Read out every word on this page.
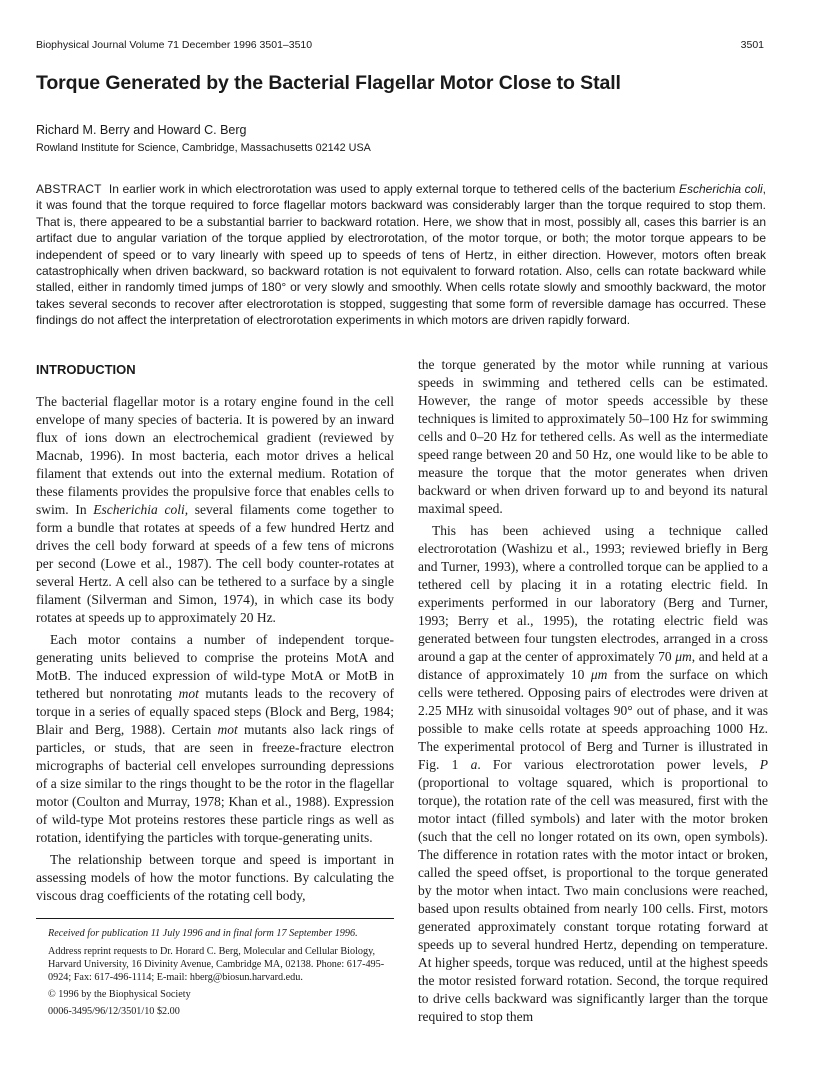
Biophysical Journal Volume 71 December 1996 3501–3510	3501
Torque Generated by the Bacterial Flagellar Motor Close to Stall
Richard M. Berry and Howard C. Berg
Rowland Institute for Science, Cambridge, Massachusetts 02142 USA

ABSTRACT In earlier work in which electrorotation was used to apply external torque to tethered cells of the bacterium Escherichia coli, it was found that the torque required to force flagellar motors backward was considerably larger than the torque required to stop them. That is, there appeared to be a substantial barrier to backward rotation. Here, we show that in most, possibly all, cases this barrier is an artifact due to angular variation of the torque applied by electrorotation, of the motor torque, or both; the motor torque appears to be independent of speed or to vary linearly with speed up to speeds of tens of Hertz, in either direction. However, motors often break catastrophically when driven backward, so backward rotation is not equivalent to forward rotation. Also, cells can rotate backward while stalled, either in randomly timed jumps of 180° or very slowly and smoothly. When cells rotate slowly and smoothly backward, the motor takes several seconds to recover after electrorotation is stopped, suggesting that some form of reversible damage has occurred. These findings do not affect the interpretation of electrorotation experiments in which motors are driven rapidly forward.

INTRODUCTION

The bacterial flagellar motor is a rotary engine found in the cell envelope of many species of bacteria. It is powered by an inward flux of ions down an electrochemical gradient (reviewed by Macnab, 1996). In most bacteria, each motor drives a helical filament that extends out into the external medium. Rotation of these filaments provides the propulsive force that enables cells to swim. In Escherichia coli, several filaments come together to form a bundle that rotates at speeds of a few hundred Hertz and drives the cell body forward at speeds of a few tens of microns per second (Lowe et al., 1987). The cell body counter-rotates at several Hertz. A cell also can be tethered to a surface by a single filament (Silverman and Simon, 1974), in which case its body rotates at speeds up to approximately 20 Hz.

Each motor contains a number of independent torque-generating units believed to comprise the proteins MotA and MotB. The induced expression of wild-type MotA or MotB in tethered but nonrotating mot mutants leads to the recovery of torque in a series of equally spaced steps (Block and Berg, 1984; Blair and Berg, 1988). Certain mot mutants also lack rings of particles, or studs, that are seen in freeze-fracture electron micrographs of bacterial cell envelopes surrounding depressions of a size similar to the rings thought to be the rotor in the flagellar motor (Coulton and Murray, 1978; Khan et al., 1988). Expression of wild-type Mot proteins restores these particle rings as well as rotation, identifying the particles with torque-generating units.

The relationship between torque and speed is important in assessing models of how the motor functions. By calculating the viscous drag coefficients of the rotating cell body,

the torque generated by the motor while running at various speeds in swimming and tethered cells can be estimated. However, the range of motor speeds accessible by these techniques is limited to approximately 50–100 Hz for swimming cells and 0–20 Hz for tethered cells. As well as the intermediate speed range between 20 and 50 Hz, one would like to be able to measure the torque that the motor generates when driven backward or when driven forward up to and beyond its natural maximal speed.

This has been achieved using a technique called electrorotation (Washizu et al., 1993; reviewed briefly in Berg and Turner, 1993), where a controlled torque can be applied to a tethered cell by placing it in a rotating electric field. In experiments performed in our laboratory (Berg and Turner, 1993; Berry et al., 1995), the rotating electric field was generated between four tungsten electrodes, arranged in a cross around a gap at the center of approximately 70 μm, and held at a distance of approximately 10 μm from the surface on which cells were tethered. Opposing pairs of electrodes were driven at 2.25 MHz with sinusoidal voltages 90° out of phase, and it was possible to make cells rotate at speeds approaching 1000 Hz. The experimental protocol of Berg and Turner is illustrated in Fig. 1 a. For various electrorotation power levels, P (proportional to voltage squared, which is proportional to torque), the rotation rate of the cell was measured, first with the motor intact (filled symbols) and later with the motor broken (such that the cell no longer rotated on its own, open symbols). The difference in rotation rates with the motor intact or broken, called the speed offset, is proportional to the torque generated by the motor when intact. Two main conclusions were reached, based upon results obtained from nearly 100 cells. First, motors generated approximately constant torque rotating forward at speeds up to several hundred Hertz, depending on temperature. At higher speeds, torque was reduced, until at the highest speeds the motor resisted forward rotation. Second, the torque required to drive cells backward was significantly larger than the torque required to stop them

Received for publication 11 July 1996 and in final form 17 September 1996.

Address reprint requests to Dr. Horard C. Berg, Molecular and Cellular Biology, Harvard University, 16 Divinity Avenue, Cambridge MA, 02138. Phone: 617-495-0924; Fax: 617-496-1114; E-mail: hberg@biosun.harvard.edu.

© 1996 by the Biophysical Society

0006-3495/96/12/3501/10 $2.00
